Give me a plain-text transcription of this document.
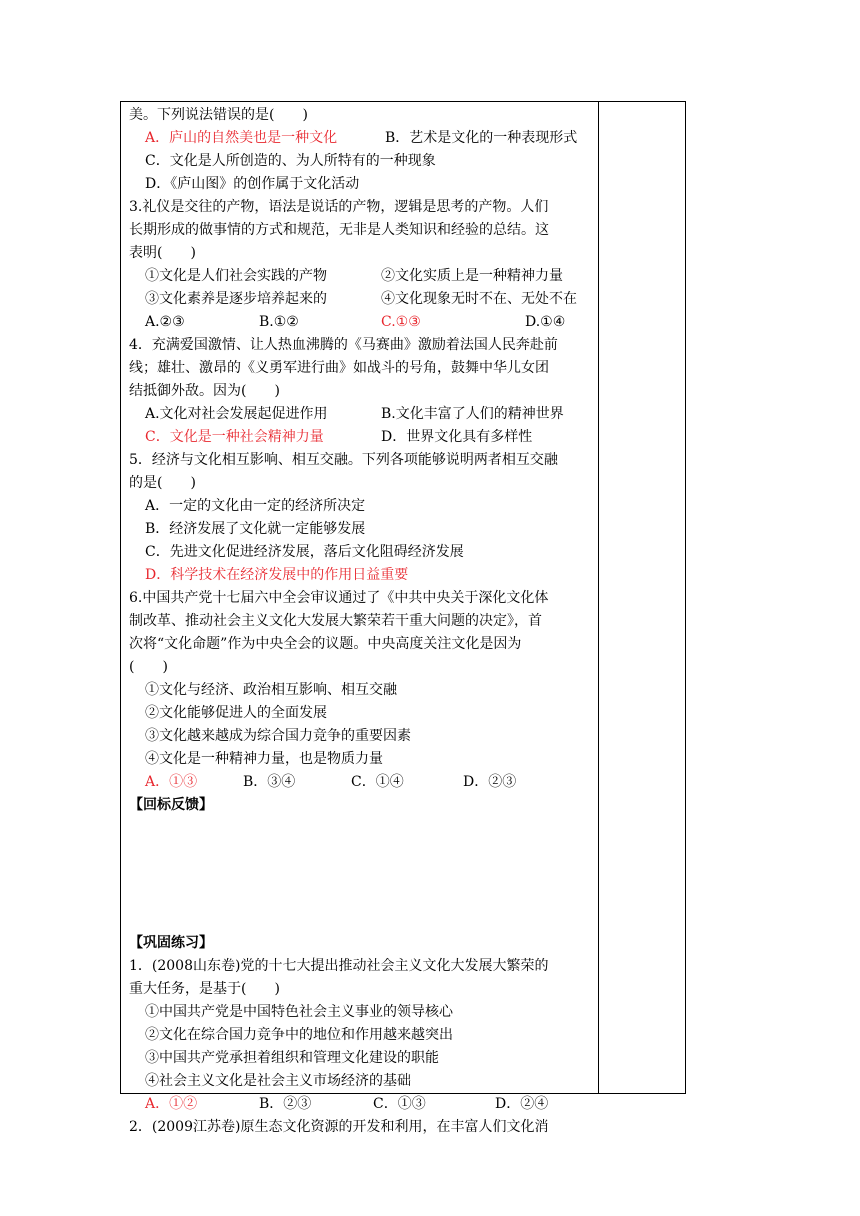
美。下列说法错误的是(　　)
A．庐山的自然美也是一种文化	B．艺术是文化的一种表现形式
C．文化是人所创造的、为人所特有的一种现象
D．《庐山图》的创作属于文化活动
3.礼仪是交往的产物，语法是说话的产物，逻辑是思考的产物。人们
长期形成的做事情的方式和规范，无非是人类知识和经验的总结。这
表明(　　)
①文化是人们社会实践的产物	②文化实质上是一种精神力量
③文化素养是逐步培养起来的	④文化现象无时不在、无处不在
A.②③	B.①②	C.①③	D.①④
4．充满爱国激情、让人热血沸腾的《马赛曲》激励着法国人民奔赴前
线；雄壮、激昂的《义勇军进行曲》如战斗的号角，鼓舞中华儿女团
结抵御外敌。因为(　　)
A.文化对社会发展起促进作用	B.文化丰富了人们的精神世界
C．文化是一种社会精神力量	D．世界文化具有多样性
5．经济与文化相互影响、相互交融。下列各项能够说明两者相互交融
的是(　　)
A．一定的文化由一定的经济所决定
B．经济发展了文化就一定能够发展
C．先进文化促进经济发展，落后文化阻碍经济发展
D．科学技术在经济发展中的作用日益重要
6.中国共产党十七届六中全会审议通过了《中共中央关于深化文化体
制改革、推动社会主义文化大发展大繁荣若干重大问题的决定》，首
次将“文化命题”作为中央全会的议题。中央高度关注文化是因为
(　　)
①文化与经济、政治相互影响、相互交融
②文化能够促进人的全面发展
③文化越来越成为综合国力竞争的重要因素
④文化是一种精神力量，也是物质力量
A．①③	B．③④	C．①④	D．②③
【回标反馈】
【巩固练习】
1．(2008山东卷)党的十七大提出推动社会主义文化大发展大繁荣的
重大任务，是基于(　　)
①中国共产党是中国特色社会主义事业的领导核心
②文化在综合国力竞争中的地位和作用越来越突出
③中国共产党承担着组织和管理文化建设的职能
④社会主义文化是社会主义市场经济的基础
A．①②	B．②③	C．①③	D．②④
2．(2009江苏卷)原生态文化资源的开发和利用，在丰富人们文化消
